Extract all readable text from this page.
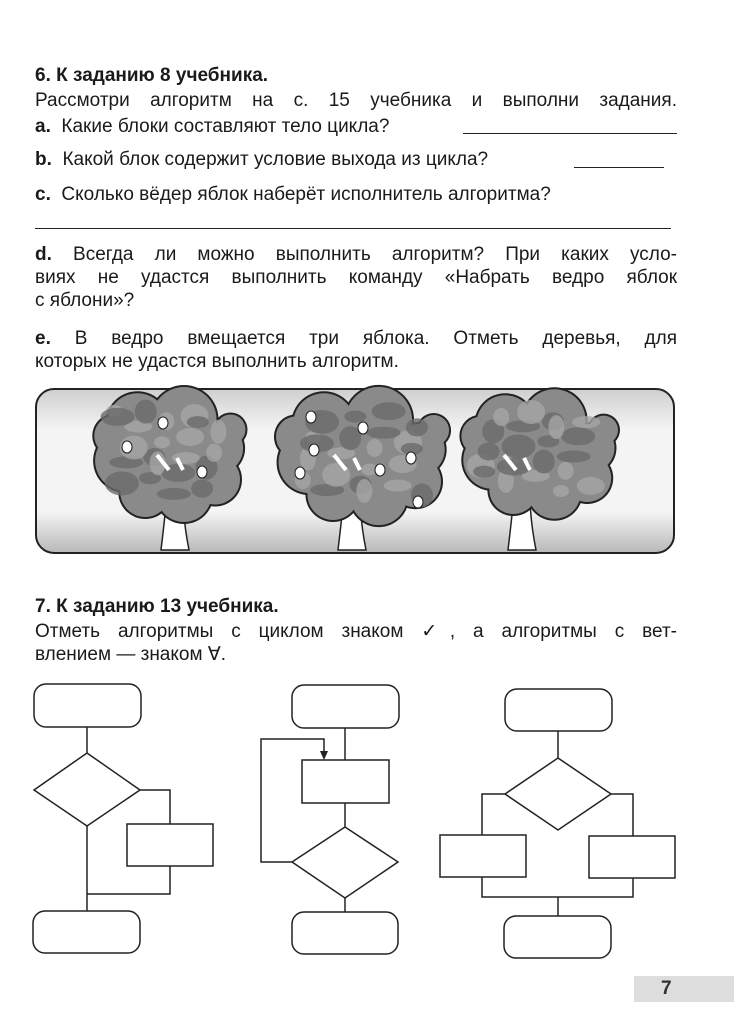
6. К заданию 8 учебника.
Рассмотри алгоритм на с. 15 учебника и выполни задания.
a. Какие блоки составляют тело цикла?
b. Какой блок содержит условие выхода из цикла?
c. Сколько вёдер яблок наберёт исполнитель алгоритма?
d. Всегда ли можно выполнить алгоритм? При каких усло-
виях не удастся выполнить команду «Набрать ведро яблок
с яблони»?
e. В ведро вмещается три яблока. Отметь деревья, для
которых не удастся выполнить алгоритм.
7. К заданию 13 учебника.
Отметь алгоритмы с циклом знаком ✓, а алгоритмы с вет-
влением — знаком ∀.
7
